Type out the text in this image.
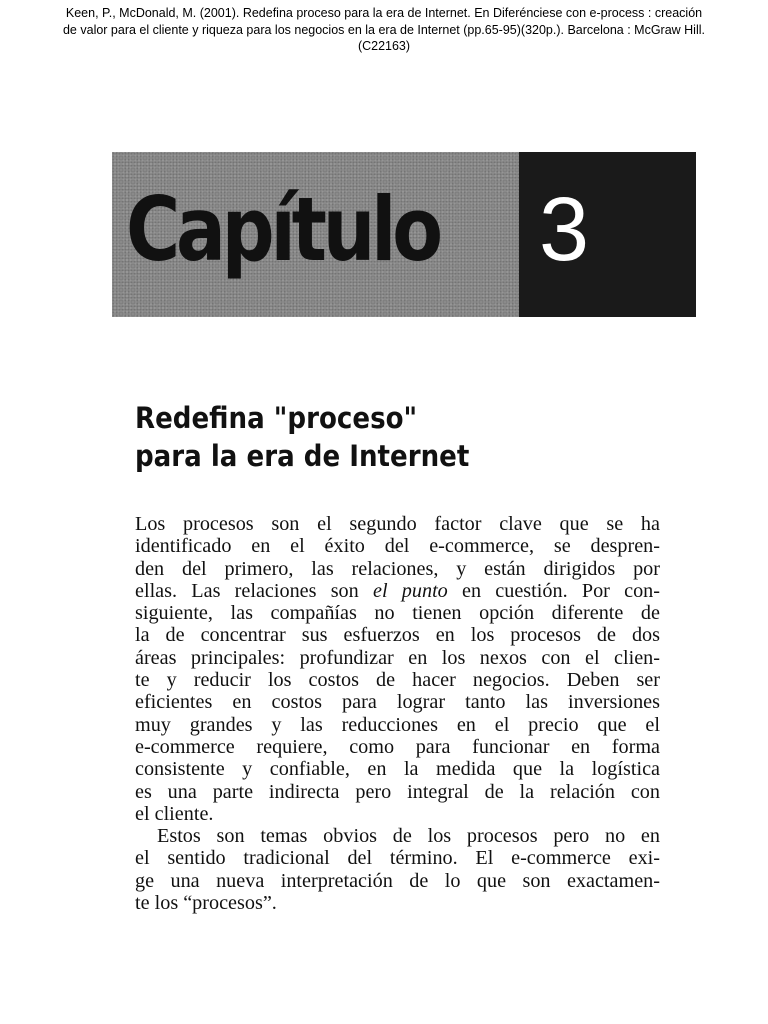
Keen, P., McDonald, M. (2001). Redefina proceso para la era de Internet. En Diferénciese con e-process : creación
de valor para el cliente y riqueza para los negocios en la era de Internet (pp.65-95)(320p.). Barcelona : McGraw Hill.
(C22163)
Capítulo 3
Redefina "proceso"
para la era de Internet
Los procesos son el segundo factor clave que se ha
identificado en el éxito del e-commerce, se despren-
den del primero, las relaciones, y están dirigidos por
ellas. Las relaciones son el punto en cuestión. Por con-
siguiente, las compañías no tienen opción diferente de
la de concentrar sus esfuerzos en los procesos de dos
áreas principales: profundizar en los nexos con el clien-
te y reducir los costos de hacer negocios. Deben ser
eficientes en costos para lograr tanto las inversiones
muy grandes y las reducciones en el precio que el
e-commerce requiere, como para funcionar en forma
consistente y confiable, en la medida que la logística
es una parte indirecta pero integral de la relación con
el cliente.
Estos son temas obvios de los procesos pero no en
el sentido tradicional del término. El e-commerce exi-
ge una nueva interpretación de lo que son exactamen-
te los “procesos”.
